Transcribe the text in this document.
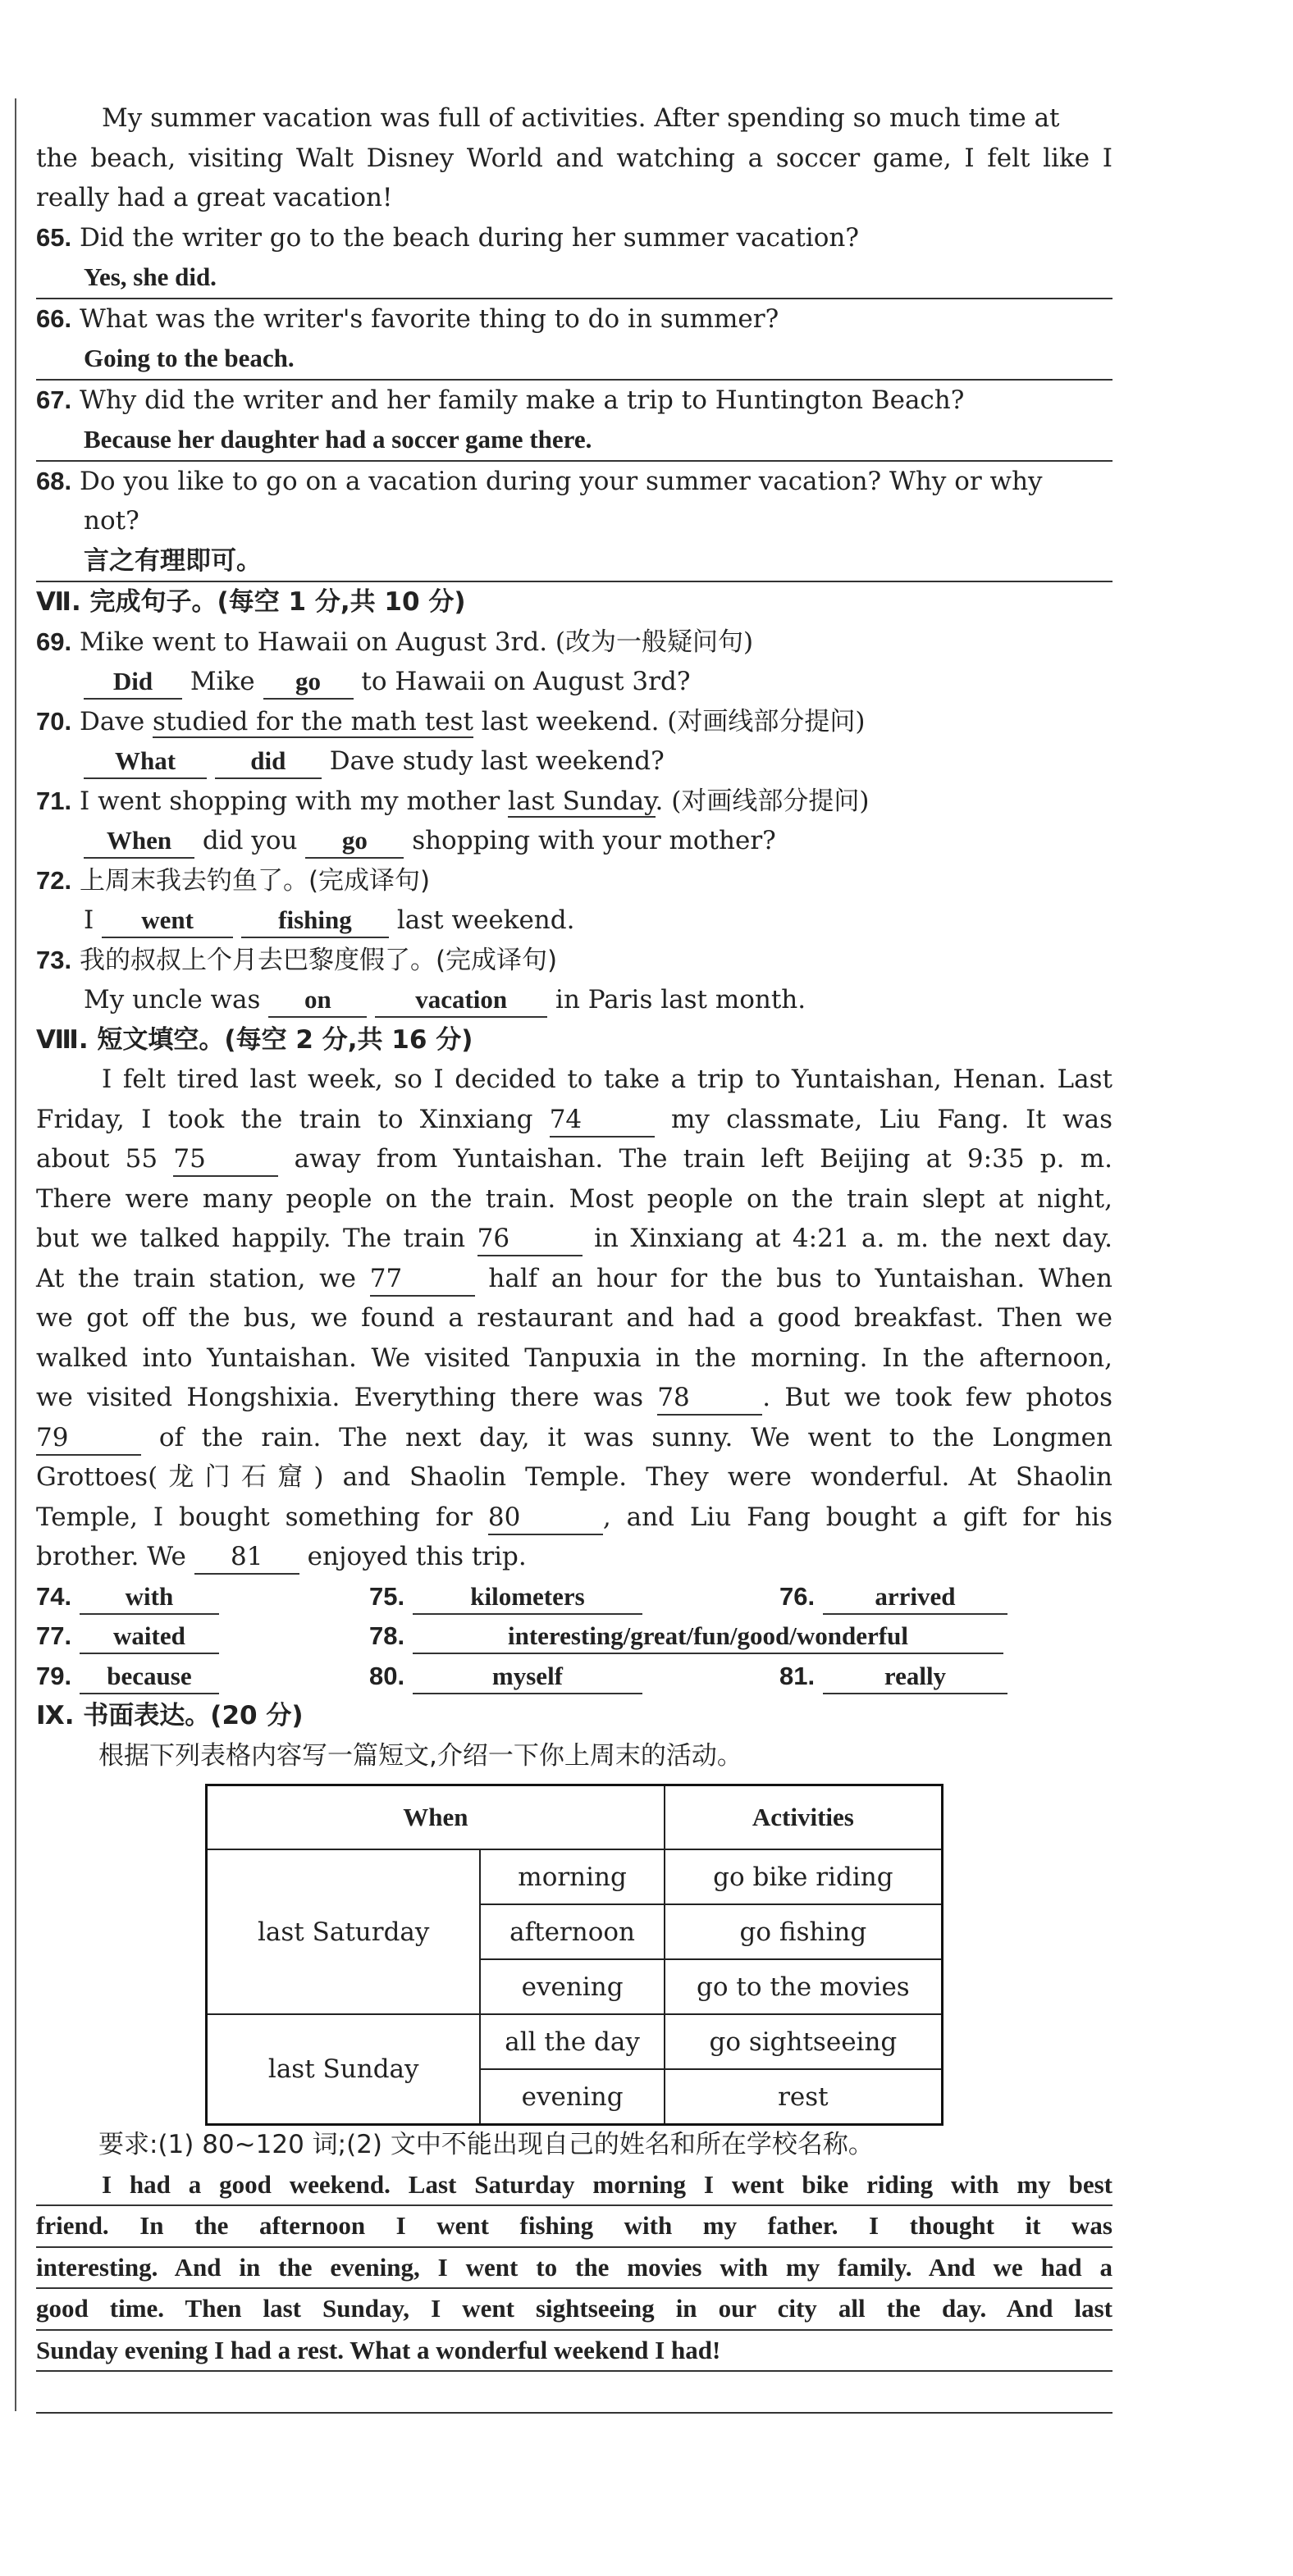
My summer vacation was full of activities. After spending so much time at
the beach, visiting Walt Disney World and watching a soccer game, I felt like I
really had a great vacation!
65. Did the writer go to the beach during her summer vacation?
Yes, she did.
66. What was the writer's favorite thing to do in summer?
Going to the beach.
67. Why did the writer and her family make a trip to Huntington Beach?
Because her daughter had a soccer game there.
68. Do you like to go on a vacation during your summer vacation? Why or why
not?
言之有理即可。
Ⅶ. 完成句子。(每空 1 分,共 10 分)
69. Mike went to Hawaii on August 3rd. (改为一般疑问句)
Did Mike go to Hawaii on August 3rd?
70. Dave studied for the math test last weekend. (对画线部分提问)
What	did Dave study last weekend?
71. I went shopping with my mother last Sunday. (对画线部分提问)
When did you go shopping with your mother?
72. 上周末我去钓鱼了。(完成译句)
I went	fishing last weekend.
73. 我的叔叔上个月去巴黎度假了。(完成译句)
My uncle was on	vacation in Paris last month.
Ⅷ. 短文填空。(每空 2 分,共 16 分)
I felt tired last week, so I decided to take a trip to Yuntaishan, Henan. Last
Friday, I took the train to Xinxiang 74	my classmate, Liu Fang. It was
about 55 75	away from Yuntaishan. The train left Beijing at 9:35 p. m.
There were many people on the train. Most people on the train slept at night,
but we talked happily. The train 76	in Xinxiang at 4:21 a. m. the next day.
At the train station, we 77	half an hour for the bus to Yuntaishan. When
we got off the bus, we found a restaurant and had a good breakfast. Then we
walked into Yuntaishan. We visited Tanpuxia in the morning. In the afternoon,
we visited Hongshixia. Everything there was 78	. But we took few photos
79	of the rain. The next day, it was sunny. We went to the Longmen
Grottoes(龙门石窟) and Shaolin Temple. They were wonderful. At Shaolin
Temple, I bought something for 80	, and Liu Fang bought a gift for his
brother. We 81 enjoyed this trip.
74. with	75.	kilometers	76. arrived
77. waited	78.	interesting/great/fun/good/wonderful
79. because	80.	myself	81.	really
Ⅸ. 书面表达。(20 分)
根据下列表格内容写一篇短文,介绍一下你上周末的活动。
When		Activities
last Saturday	morning	go bike riding
	afternoon	go fishing
	evening	go to the movies
last Sunday	all the day	go sightseeing
	evening	rest
要求:(1) 80~120 词;(2) 文中不能出现自己的姓名和所在学校名称。
I had a good weekend. Last Saturday morning I went bike riding with my best
friend. In the afternoon I went fishing with my father. I thought it was
interesting. And in the evening, I went to the movies with my family. And we had a
good time. Then last Sunday, I went sightseeing in our city all the day. And last
Sunday evening I had a rest. What a wonderful weekend I had!
